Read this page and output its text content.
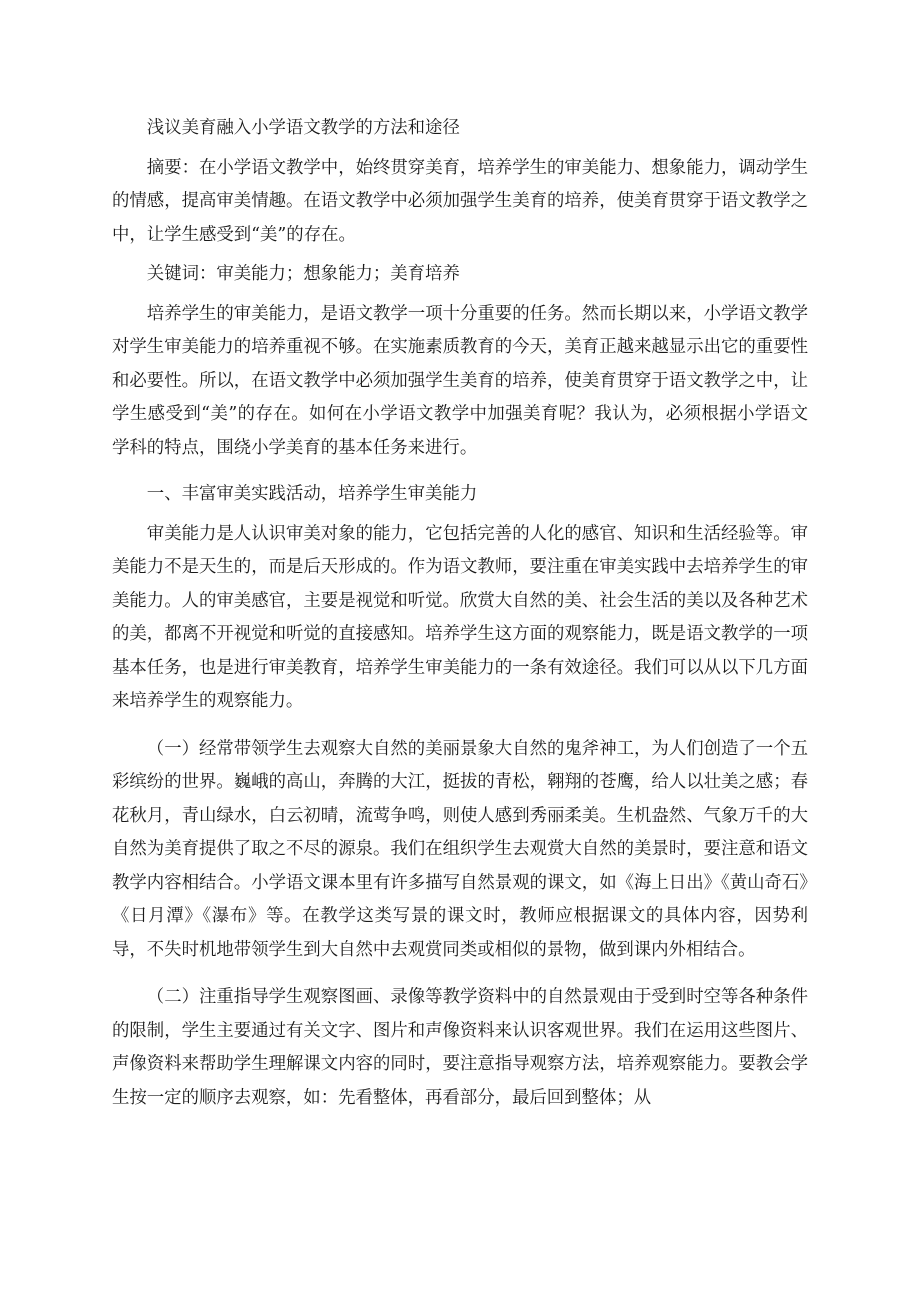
浅议美育融入小学语文教学的方法和途径

摘要：在小学语文教学中，始终贯穿美育，培养学生的审美能力、想象能力，调动学生的情感，提高审美情趣。在语文教学中必须加强学生美育的培养，使美育贯穿于语文教学之中，让学生感受到“美”的存在。

关键词：审美能力；想象能力；美育培养

培养学生的审美能力，是语文教学一项十分重要的任务。然而长期以来，小学语文教学对学生审美能力的培养重视不够。在实施素质教育的今天，美育正越来越显示出它的重要性和必要性。所以，在语文教学中必须加强学生美育的培养，使美育贯穿于语文教学之中，让学生感受到“美”的存在。如何在小学语文教学中加强美育呢？我认为，必须根据小学语文学科的特点，围绕小学美育的基本任务来进行。

一、丰富审美实践活动，培养学生审美能力

审美能力是人认识审美对象的能力，它包括完善的人化的感官、知识和生活经验等。审美能力不是天生的，而是后天形成的。作为语文教师，要注重在审美实践中去培养学生的审美能力。人的审美感官，主要是视觉和听觉。欣赏大自然的美、社会生活的美以及各种艺术的美，都离不开视觉和听觉的直接感知。培养学生这方面的观察能力，既是语文教学的一项基本任务，也是进行审美教育，培养学生审美能力的一条有效途径。我们可以从以下几方面来培养学生的观察能力。

（一）经常带领学生去观察大自然的美丽景象大自然的鬼斧神工，为人们创造了一个五彩缤纷的世界。巍峨的高山，奔腾的大江，挺拔的青松，翱翔的苍鹰，给人以壮美之感；春花秋月，青山绿水，白云初晴，流莺争鸣，则使人感到秀丽柔美。生机盎然、气象万千的大自然为美育提供了取之不尽的源泉。我们在组织学生去观赏大自然的美景时，要注意和语文教学内容相结合。小学语文课本里有许多描写自然景观的课文，如《海上日出》《黄山奇石》《日月潭》《瀑布》等。在教学这类写景的课文时，教师应根据课文的具体内容，因势利导，不失时机地带领学生到大自然中去观赏同类或相似的景物，做到课内外相结合。

（二）注重指导学生观察图画、录像等教学资料中的自然景观由于受到时空等各种条件的限制，学生主要通过有关文字、图片和声像资料来认识客观世界。我们在运用这些图片、声像资料来帮助学生理解课文内容的同时，要注意指导观察方法，培养观察能力。要教会学生按一定的顺序去观察，如：先看整体，再看部分，最后回到整体；从
